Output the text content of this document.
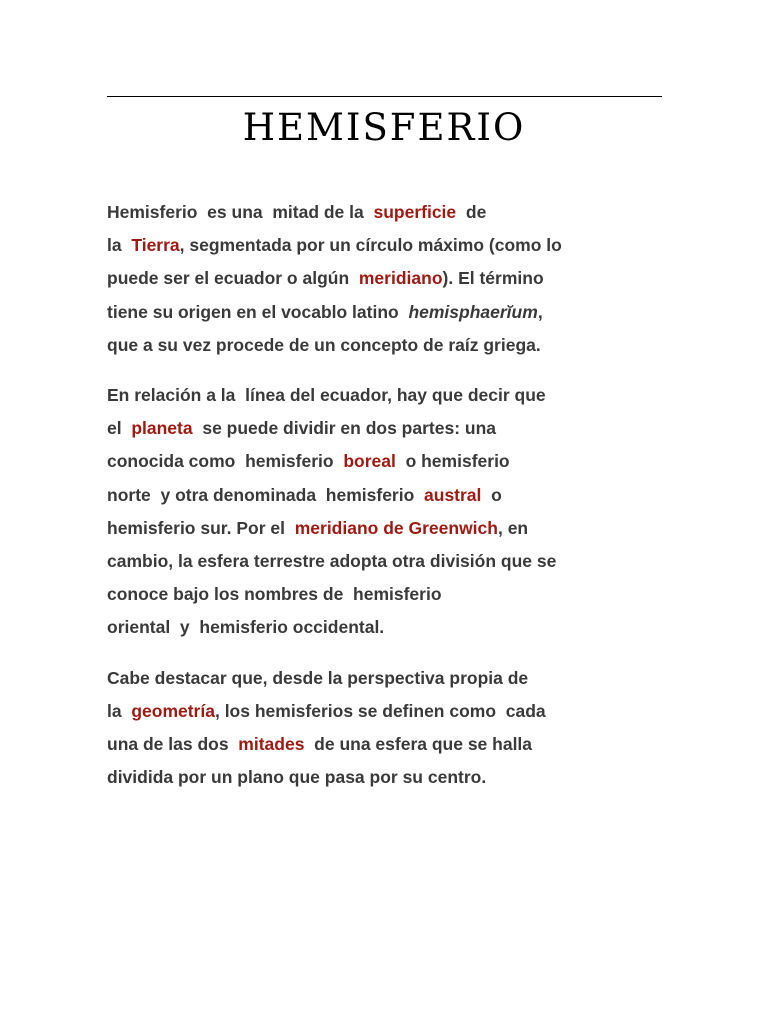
HEMISFERIO

Hemisferio  es una  mitad de la  superficie  de
la  Tierra, segmentada por un círculo máximo (como lo
puede ser el ecuador o algún  meridiano). El término
tiene su origen en el vocablo latino  hemisphaerĭum,
que a su vez procede de un concepto de raíz griega.

En relación a la  línea del ecuador, hay que decir que
el  planeta  se puede dividir en dos partes: una
conocida como  hemisferio  boreal  o hemisferio
norte  y otra denominada  hemisferio  austral  o
hemisferio sur. Por el  meridiano de Greenwich, en
cambio, la esfera terrestre adopta otra división que se
conoce bajo los nombres de  hemisferio
oriental  y  hemisferio occidental.

Cabe destacar que, desde la perspectiva propia de
la  geometría, los hemisferios se definen como  cada
una de las dos  mitades  de una esfera que se halla
dividida por un plano que pasa por su centro.
